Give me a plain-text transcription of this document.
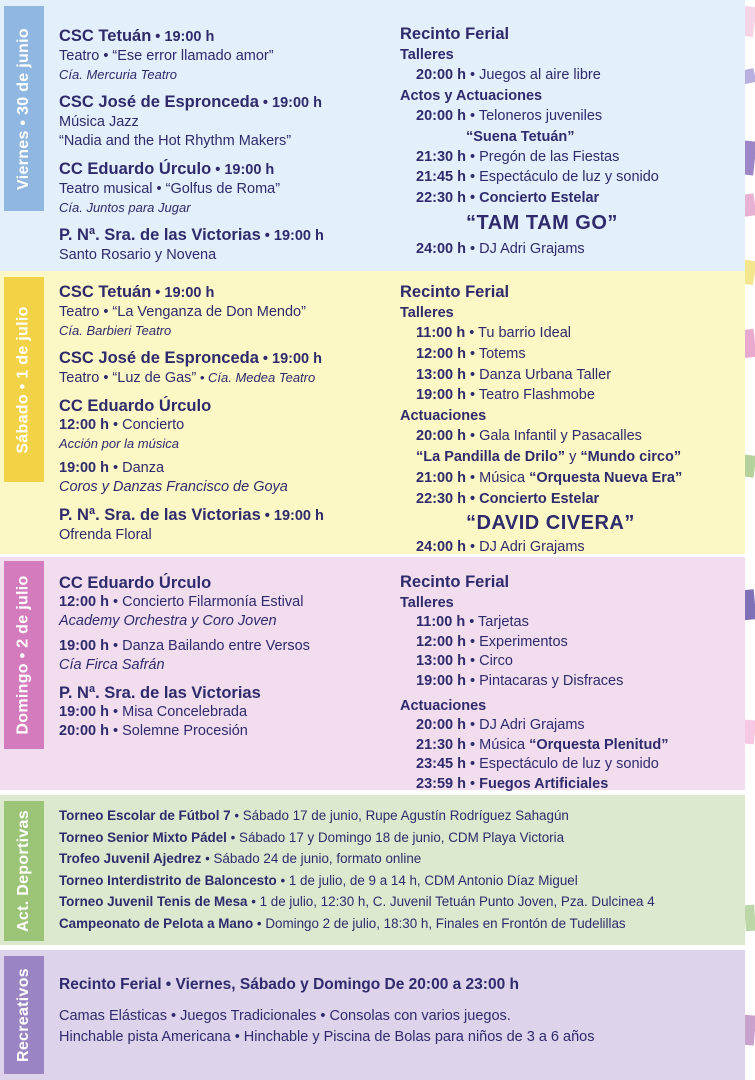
Viernes • 30 de junio CSC Tetuán • 19:00 h
Teatro • “Ese error llamado amor”
Cía. Mercuria Teatro
CSC José de Espronceda • 19:00 h
Música Jazz
“Nadia and the Hot Rhythm Makers”
CC Eduardo Úrculo • 19:00 h
Teatro musical • “Golfus de Roma”
Cía. Juntos para Jugar
P. Nª. Sra. de las Victorias • 19:00 h
Santo Rosario y Novena
Recinto Ferial
Talleres
20:00 h • Juegos al aire libre
Actos y Actuaciones
20:00 h • Teloneros juveniles
“Suena Tetuán”
21:30 h • Pregón de las Fiestas
21:45 h • Espectáculo de luz y sonido
22:30 h • Concierto Estelar
“TAM TAM GO”
24:00 h • DJ Adri Grajams
Sábado • 1 de julio
CSC Tetuán • 19:00 h
Teatro • “La Venganza de Don Mendo”
Cía. Barbieri Teatro
CSC José de Espronceda • 19:00 h
Teatro • “Luz de Gas” • Cía. Medea Teatro
CC Eduardo Úrculo
12:00 h • Concierto
Acción por la música
19:00 h • Danza
Coros y Danzas Francisco de Goya
P. Nª. Sra. de las Victorias • 19:00 h
Ofrenda Floral
Recinto Ferial
Talleres
11:00 h • Tu barrio Ideal
12:00 h • Totems
13:00 h • Danza Urbana Taller
19:00 h • Teatro Flashmobe
Actuaciones
20:00 h • Gala Infantil y Pasacalles
“La Pandilla de Drilo” y “Mundo circo”
21:00 h • Música “Orquesta Nueva Era”
22:30 h • Concierto Estelar
“DAVID CIVERA”
24:00 h • DJ Adri Grajams
Domingo • 2 de julio CC Eduardo Úrculo
12:00 h • Concierto Filarmonía Estival
Academy Orchestra y Coro Joven
19:00 h • Danza Bailando entre Versos
Cía Firca Safrán
P. Nª. Sra. de las Victorias
19:00 h • Misa Concelebrada
20:00 h • Solemne Procesión
Recinto Ferial
Talleres
11:00 h • Tarjetas
12:00 h • Experimentos
13:00 h • Circo
19:00 h • Pintacaras y Disfraces
Actuaciones
20:00 h • DJ Adri Grajams
21:30 h • Música “Orquesta Plenitud”
23:45 h • Espectáculo de luz y sonido
23:59 h • Fuegos Artificiales
Act. Deportivas Torneo Escolar de Fútbol 7 • Sábado 17 de junio, Rupe Agustín Rodríguez Sahagún
Torneo Senior Mixto Pádel • Sábado 17 y Domingo 18 de junio, CDM Playa Victoria
Trofeo Juvenil Ajedrez • Sábado 24 de junio, formato online
Torneo Interdistrito de Baloncesto • 1 de julio, de 9 a 14 h, CDM Antonio Díaz Miguel
Torneo Juvenil Tenis de Mesa • 1 de julio, 12:30 h, C. Juvenil Tetuán Punto Joven, Pza. Dulcinea 4
Campeonato de Pelota a Mano • Domingo 2 de julio, 18:30 h, Finales en Frontón de Tudelillas
Recreativos Recinto Ferial • Viernes, Sábado y Domingo De 20:00 a 23:00 h
Camas Elásticas • Juegos Tradicionales • Consolas con varios juegos.
Hinchable pista Americana • Hinchable y Piscina de Bolas para niños de 3 a 6 años
